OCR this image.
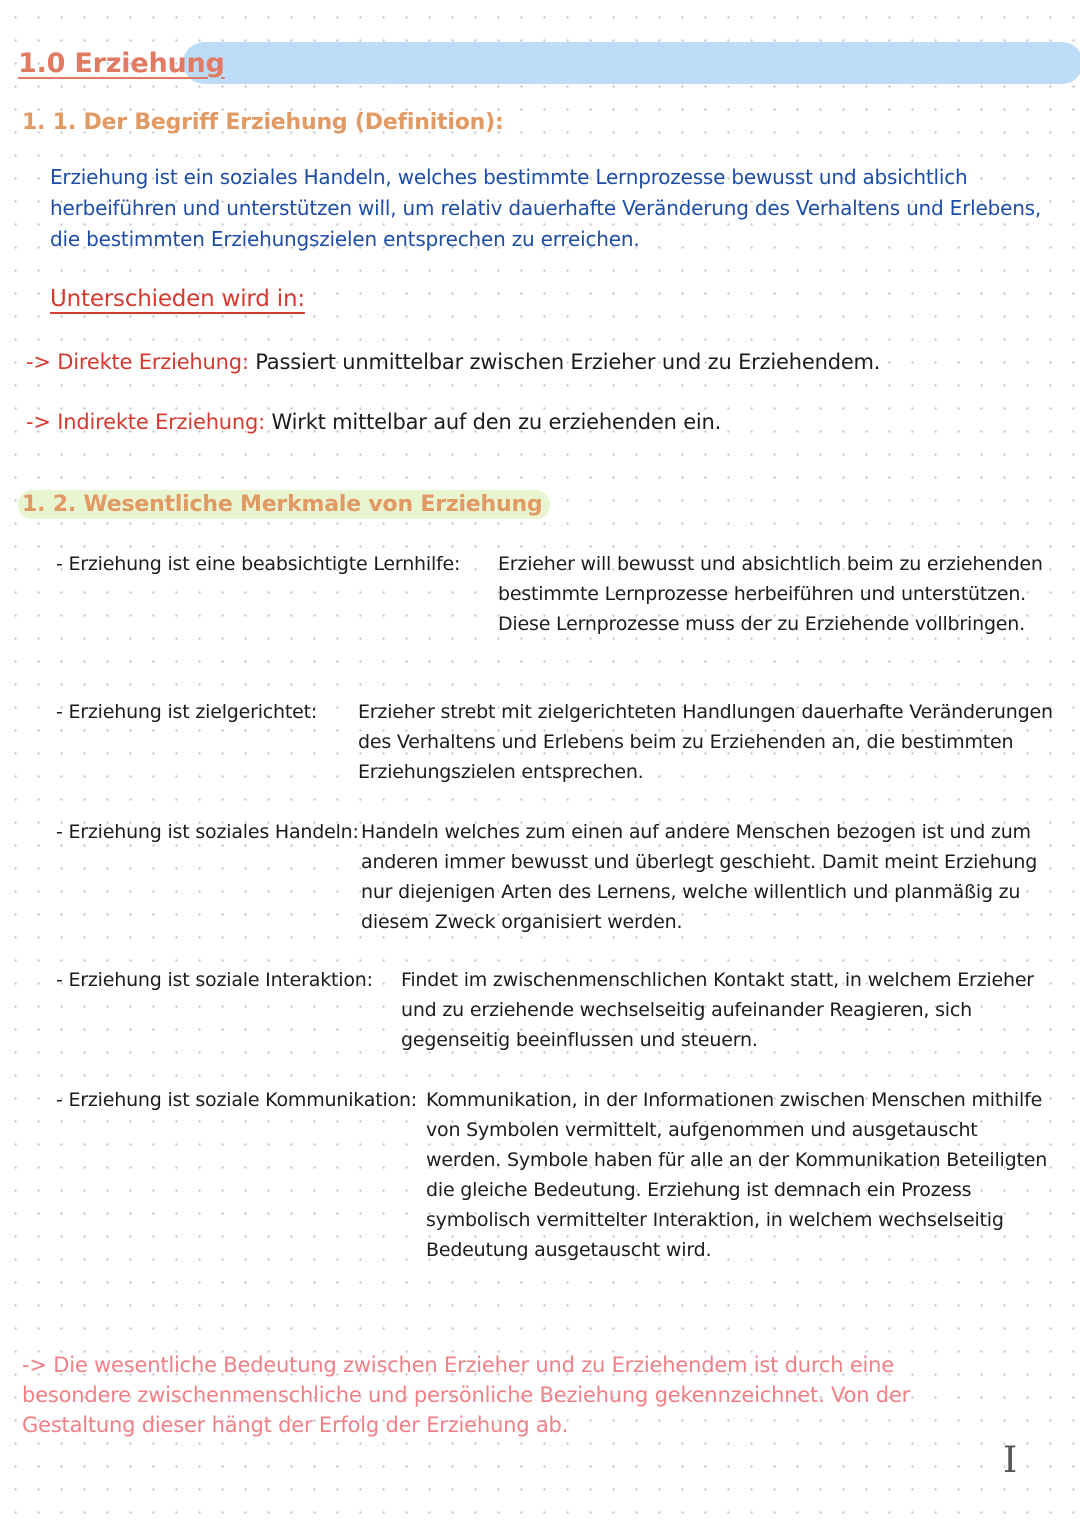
1.0 Erziehung
1. 1. Der Begriff Erziehung (Definition):

Erziehung ist ein soziales Handeln, welches bestimmte Lernprozesse bewusst und absichtlich herbeiführen und unterstützen will, um relativ dauerhafte Veränderung des Verhaltens und Erlebens, die bestimmten Erziehungszielen entsprechen zu erreichen.

Unterschieden wird in:
-> Direkte Erziehung: Passiert unmittelbar zwischen Erzieher und zu Erziehendem.
-> Indirekte Erziehung: Wirkt mittelbar auf den zu erziehenden ein.
1. 2. Wesentliche Merkmale von Erziehung
- Erziehung ist eine beabsichtigte Lernhilfe:	Erzieher will bewusst und absichtlich beim zu erziehenden bestimmte Lernprozesse herbeiführen und unterstützen. Diese Lernprozesse muss der zu Erziehende vollbringen.
- Erziehung ist zielgerichtet:	Erzieher strebt mit zielgerichteten Handlungen dauerhafte Veränderungen des Verhaltens und Erlebens beim zu Erziehenden an, die bestimmten Erziehungszielen entsprechen.
- Erziehung ist soziales Handeln: Handeln welches zum einen auf andere Menschen bezogen ist und zum anderen immer bewusst und überlegt geschieht. Damit meint Erziehung nur diejenigen Arten des Lernens, welche willentlich und planmäßig zu diesem Zweck organisiert werden.
- Erziehung ist soziale Interaktion:	Findet im zwischenmenschlichen Kontakt statt, in welchem Erzieher und zu erziehende wechselseitig aufeinander Reagieren, sich gegenseitig beeinflussen und steuern.
- Erziehung ist soziale Kommunikation: Kommunikation, in der Informationen zwischen Menschen mithilfe von Symbolen vermittelt, aufgenommen und ausgetauscht werden. Symbole haben für alle an der Kommunikation Beteiligten die gleiche Bedeutung. Erziehung ist demnach ein Prozess symbolisch vermittelter Interaktion, in welchem wechselseitig Bedeutung ausgetauscht wird.

-> Die wesentliche Bedeutung zwischen Erzieher und zu Erziehendem ist durch eine besondere zwischenmenschliche und persönliche Beziehung gekennzeichnet. Von der Gestaltung dieser hängt der Erfolg der Erziehung ab.

I
